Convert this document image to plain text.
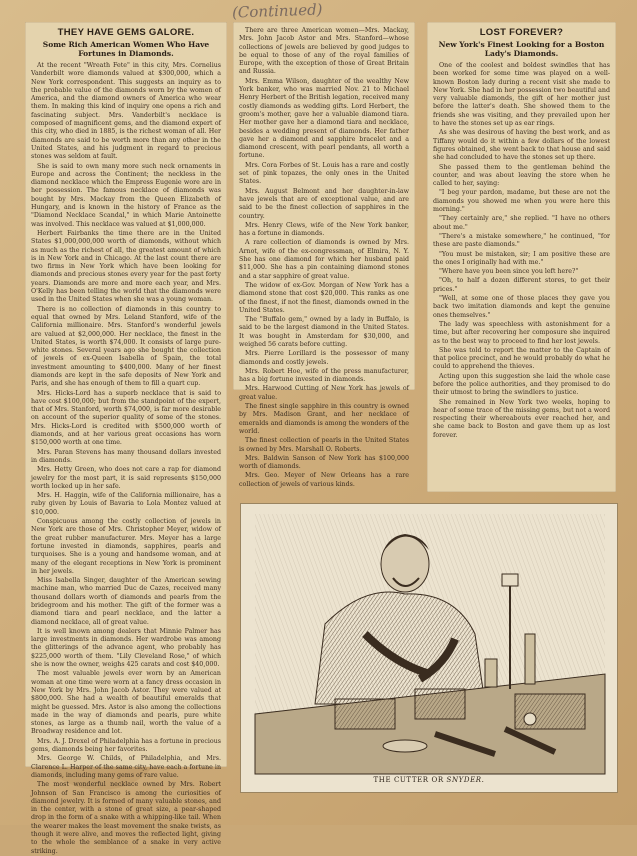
(Continued)
THEY HAVE GEMS GALORE.
Some Rich American Women Who Have Fortunes in Diamonds.

At the recent "Wreath Fete" in this city, Mrs. Cornelius Vanderbilt wore diamonds valued at $300,000, which a New York correspondent. This suggests an inquiry as to the probable value of the diamonds worn by the women of America, and the diamond owners of America who wear them. In making this kind of inquiry one opens a rich and fascinating subject. Mrs. Vanderbilt's necklace is composed of magnificent gems, and the diamond expert of this city, who died in 1885, is the richest woman of all. Her diamonds are said to be worth more than any other in the United States, and his judgment in regard to precious stones was seldom at fault.

She is said to own many more such neck ornaments in Europe and across the Continent; the neckless in the diamond necklace which the Empress Eugenie wore are in her possession. The famous necklace of diamonds was bought by Mrs. Mackay from the Queen Elizabeth of Hungary, and is known in the history of France as the "Diamond Necklace Scandal," in which Marie Antoinette was involved. This necklace was valued at $1,000,000.

Herbert Fairbanks the time there are in the United States $1,000,000,000 worth of diamonds, without which as much as the richest of all, the greatest amount of which is in New York and in Chicago. At the last count there are two firms in New York which have been looking for diamonds and precious stones every year for the past forty years. Diamonds are more and more each year, and Mrs. O'Kelly has been telling the world that the diamonds were used in the United States when she was a young woman.

There is no collection of diamonds in this country to equal that owned by Mrs. Leland Stanford, wife of the California millionaire. Mrs. Stanford's wonderful jewels are valued at $2,000,000. Her necklace, the finest in the United States, is worth $74,000. It consists of large pure-white stones. Several years ago she bought the collection of jewels of ex-Queen Isabella of Spain, the total investment amounting to $400,000. Many of her finest diamonds are kept in the safe deposits of New York and Paris, and she has enough of them to fill a quart cup.

Mrs. Hicks-Lord has a superb necklace that is said to have cost $100,000; but from the standpoint of the expert, that of Mrs. Stanford, worth $74,000, is far more desirable on account of the superior quality of some of the stones. Mrs. Hicks-Lord is credited with $500,000 worth of diamonds, and at her various great occasions has worn $150,000 worth at one time.

Mrs. Paran Stevens has many thousand dollars invested in diamonds.

Mrs. Hetty Green, who does not care a rap for diamond jewelry for the most part, it is said represents $150,000 worth locked up in her safe.

Mrs. H. Haggin, wife of the California millionaire, has a ruby given by Louis of Bavaria to Lola Montez valued at $10,000.

Conspicuous among the costly collection of jewels in New York are those of Mrs. Christopher Meyer, widow of the great rubber manufacturer. Mrs. Meyer has a large fortune invested in diamonds, sapphires, pearls and turquoises. She is a young and handsome woman, and at many of the elegant receptions in New York is prominent in her jewels.

Miss Isabella Singer, daughter of the American sewing machine man, who married Duc de Cazes, received many thousand dollars worth of diamonds and pearls from the bridegroom and his mother. The gift of the former was a diamond tiara and pearl necklace, and the latter a diamond necklace, all of great value.

It is well known among dealers that Minnie Palmer has large investments in diamonds. Her wardrobe was among the glitterings of the advance agent, who probably has $225,000 worth of them. "Lily Cleveland Rose," of which she is now the owner, weighs 425 carats and cost $40,000.

The most valuable jewels ever worn by an American woman at one time were worn at a fancy dress occasion in New York by Mrs. John Jacob Astor. They were valued at $800,000. She had a wealth of beautiful emeralds that might be guessed. Mrs. Astor is also among the collections made in the way of diamonds and pearls, pure white stones, as large as a thumb nail, worth the value of a Broadway residence and lot.

Mrs. A. J. Drexel of Philadelphia has a fortune in precious gems, diamonds being her favorites.

Mrs. George W. Childs, of Philadelphia, and Mrs. Clarence L. Harper of the same city, have each a fortune in diamonds, including many gems of rare value.

The most wonderful necklace owned by Mrs. Robert Johnson of San Francisco is among the curiosities of diamond jewelry. It is formed of many valuable stones, and in the center, with a stone of great size, a pear-shaped drop in the form of a snake with a whipping-like tail. When the wearer makes the least movement the snake twists, as though it were alive, and moves the reflected light, giving to the whole the semblance of a snake in very active striking.

There are three American women—Mrs. Mackay, Mrs. John Jacob Astor and Mrs. Stanford—whose collections of jewels are believed by good judges to be equal to those of any of the royal families of Europe, with the exception of those of Great Britain and Russia.

Mrs. Emma Wilson, daughter of the wealthy New York banker, who was married Nov. 21 to Michael Henry Herbert of the British legation, received many costly diamonds as wedding gifts. Lord Herbert, the groom's mother, gave her a valuable diamond tiara. Her mother gave her a diamond tiara and necklace, besides a wedding present of diamonds. Her father gave her a diamond and sapphire bracelet and a diamond crescent, with pearl pendants, all worth a fortune.

Mrs. Cora Forbes of St. Louis has a rare and costly set of pink topazes, the only ones in the United States.

Mrs. August Belmont and her daughter-in-law have jewels that are of exceptional value, and are said to be the finest collection of sapphires in the country.

Mrs. Henry Clews, wife of the New York banker, has a fortune in diamonds.

A rare collection of diamonds is owned by Mrs. Arnot, wife of the ex-congressman, of Elmira, N. Y. She has one diamond for which her husband paid $11,000. She has a pin containing diamond stones and a star sapphire of great value.

The widow of ex-Gov. Morgan of New York has a diamond stone that cost $20,000. This ranks as one of the finest, if not the finest, diamonds owned in the United States.

The "Buffalo gem," owned by a lady in Buffalo, is said to be the largest diamond in the United States. It was bought in Amsterdam for $30,000, and weighed 56 carats before cutting.

Mrs. Pierre Lorillard is the possessor of many diamonds and costly jewels.

Mrs. Robert Hoe, wife of the press manufacturer, has a big fortune invested in diamonds.

Mrs. Harwood Cutting of New York has jewels of great value.

The finest single sapphire in this country is owned by Mrs. Madison Grant, and her necklace of emeralds and diamonds is among the wonders of the world.

The finest collection of pearls in the United States is owned by Mrs. Marshall O. Roberts.

Mrs. Baldwin Sanson of New York has $100,000 worth of diamonds.

Mrs. Geo. Meyer of New Orleans has a rare collection of jewels of various kinds.

LOST FOREVER?
New York's Finest Looking for a Boston Lady's Diamonds.

One of the coolest and boldest swindles that has been worked for some time was played on a well-known Boston lady during a recent visit she made to New York. She had in her possession two beautiful and very valuable diamonds, the gift of her mother just before the latter's death. She showed them to the friends she was visiting, and they prevailed upon her to have the stones set up as ear rings.

As she was desirous of having the best work, and as Tiffany would do it within a few dollars of the lowest figures obtained, she went back to that house and said she had concluded to have the stones set up there.

She passed them to the gentleman behind the counter, and was about leaving the store when he called to her, saying:

"I beg your pardon, madame, but these are not the diamonds you showed me when you were here this morning."

"They certainly are," she replied. "I have no others about me."

"There's a mistake somewhere," he continued, "for these are paste diamonds."

"You must be mistaken, sir; I am positive these are the ones I originally had with me."

"Where have you been since you left here?"

"Oh, to half a dozen different stores, to get their prices."

"Well, at some one of those places they gave you back two imitation diamonds and kept the genuine ones themselves."

The lady was speechless with astonishment for a time, but after recovering her composure she inquired as to the best way to proceed to find her lost jewels.

She was told to report the matter to the Captain of that police precinct, and he would probably do what he could to apprehend the thieves.

Acting upon this suggestion she laid the whole case before the police authorities, and they promised to do their utmost to bring the swindlers to justice.

She remained in New York two weeks, hoping to hear of some trace of the missing gems, but not a word respecting their whereabouts ever reached her, and she came back to Boston and gave them up as lost forever.

THE CUTTER OR SNYDER.
